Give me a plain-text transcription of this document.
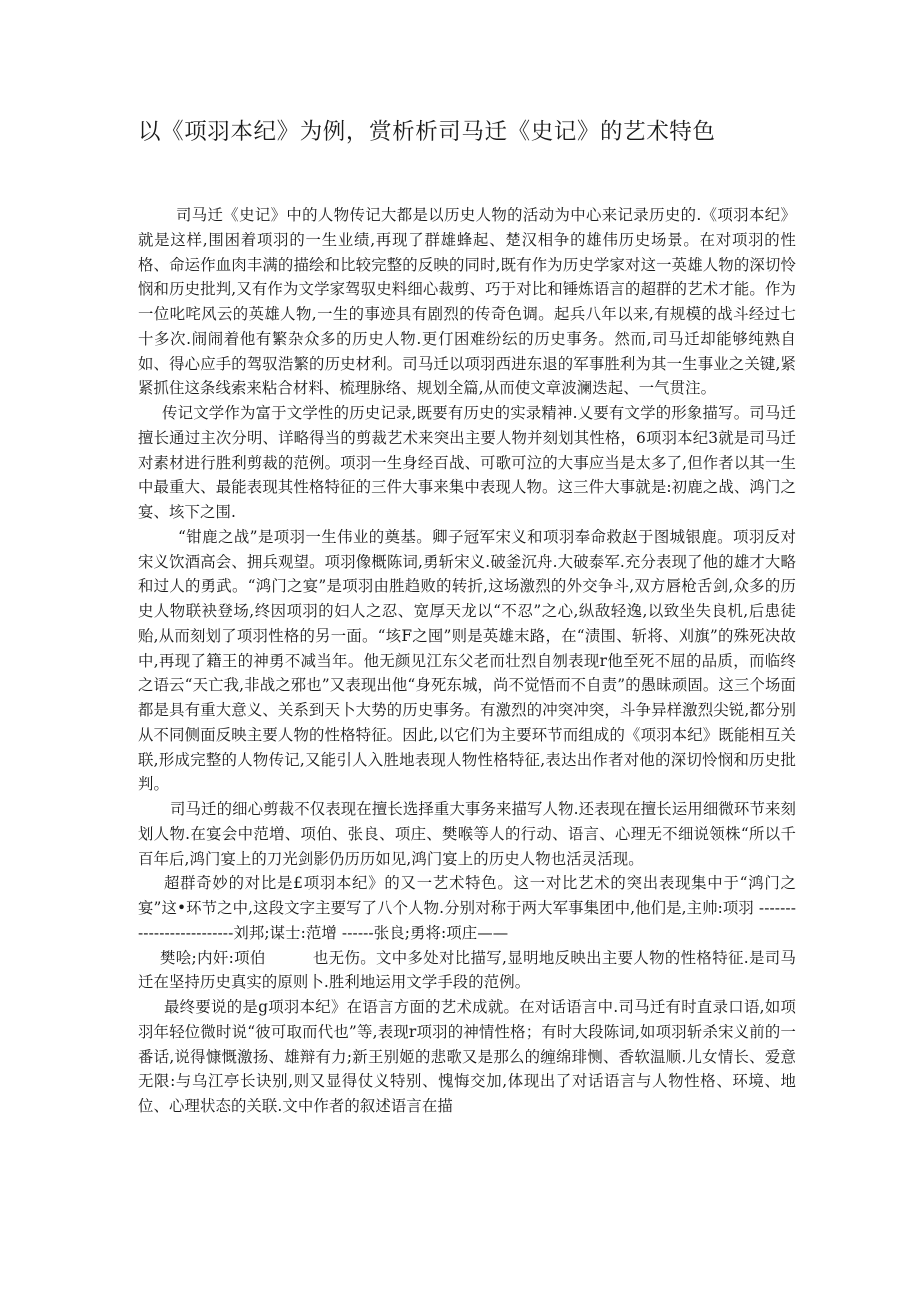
以《项羽本纪》为例，赏析析司马迁《史记》的艺术特色

司马迁《史记》中的人物传记大都是以历史人物的活动为中心来记录历史的.《项羽本纪》就是这样,围困着项羽的一生业绩,再现了群雄蜂起、楚汉相争的雄伟历史场景。在对项羽的性格、命运作血肉丰满的描绘和比较完整的反映的同时,既有作为历史学家对这一英雄人物的深切怜悯和历史批判,又有作为文学家驾驭史料细心裁剪、巧于对比和锤炼语言的超群的艺术才能。作为一位叱咤风云的英雄人物,一生的事迹具有剧烈的传奇色调。起兵八年以来,有规模的战斗经过七十多次.闹闹着他有繁杂众多的历史人物.更仃困难纷纭的历史事务。然而,司马迁却能够纯熟自如、得心应手的驾驭浩繁的历史材利。司马迁以项羽西进东退的军事胜利为其一生事业之关键,紧紧抓住这条线索来粘合材料、梳理脉络、规划全篇,从而使文章波澜迭起、一气贯注。

传记文学作为富于文学性的历史记录,既要有历史的实录精神.乂要有文学的形象描写。司马迁擅长通过主次分明、详略得当的剪裁艺术来突出主要人物并刻划其性格，6项羽本纪3就是司马迁对素材进行胜利剪裁的范例。项羽一生身经百战、可歌可泣的大事应当是太多了,但作者以其一生中最重大、最能表现其性格特征的三件大事来集中表现人物。这三件大事就是:初鹿之战、鸿门之宴、垓下之围.

“钳鹿之战”是项羽一生伟业的奠基。卿子冠军宋义和项羽奉命救赵于图城银鹿。项羽反对宋义饮酒高会、拥兵观望。项羽像概陈词,勇斩宋义.破釜沉舟.大破泰军.充分表现了他的雄才大略和过人的勇武。“鸿门之宴”是项羽由胜趋败的转折,这场激烈的外交争斗,双方唇枪舌剑,众多的历史人物联袂登场,终因项羽的妇人之忍、宽厚天龙以“不忍”之心,纵敌轻逸,以致坐失良机,后患徒贻,从而刻划了项羽性格的另一面。“垓F之囤”则是英雄末路，在“渍围、斩将、刈旗”的殊死决故中,再现了籍王的神勇不减当年。他无颜见江东父老而壮烈自刎表现r他至死不屈的品质，而临终之语云“天亡我,非战之邪也”又表现出他“身死东城，尚不觉悟而不自责”的愚昧顽固。这三个场面都是具有重大意义、关系到天卜大势的历史事务。有激烈的冲突冲突，斗争异样激烈尖锐,都分别从不同侧面反映主要人物的性格特征。因此,以它们为主要环节而组成的《项羽本纪》既能相互关联,形成完整的人物传记,又能引人入胜地表现人物性格特征,表达出作者对他的深切怜悯和历史批判。

司马迁的细心剪裁不仅表现在擅长选择重大事务来描写人物.还表现在擅长运用细微环节来刻划人物.在宴会中范増、项伯、张良、项庄、樊喉等人的行动、语言、心理无不细说领株“所以千百年后,鸿门宴上的刀光剑影仍历历如见,鸿门宴上的历史人物也活灵活现。

超群奇妙的对比是£项羽本纪》的又一艺术特色。这一对比艺术的突出表现集中于“鸿门之宴”这•环节之中,这段文字主要写了八个人物.分别对称于两大军事集团中,他们是,主帅:项羽 -------------------------刘邦;谋士:范增 ------张良;勇将:项庄——

樊哙;内奸:项伯　　　也无伤。文中多处对比描写,显明地反映出主要人物的性格特征.是司马迁在坚持历史真实的原则卜.胜利地运用文学手段的范例。

最终要说的是g项羽本纪》在语言方面的艺术成就。在对话语言中.司马迁有时直录口语,如项羽年轻位微时说“彼可取而代也”等,表现r项羽的神情性格；有时大段陈词,如项羽斩杀宋义前的一番话,说得慷慨激扬、雄辩有力;新王别姬的悲歌又是那么的缠绵琲恻、香软温顺.儿女情长、爱意无限:与乌江亭长诀别,则又显得仗义特别、愧悔交加,体现出了对话语言与人物性格、环境、地位、心理状态的关联.文中作者的叙述语言在描
